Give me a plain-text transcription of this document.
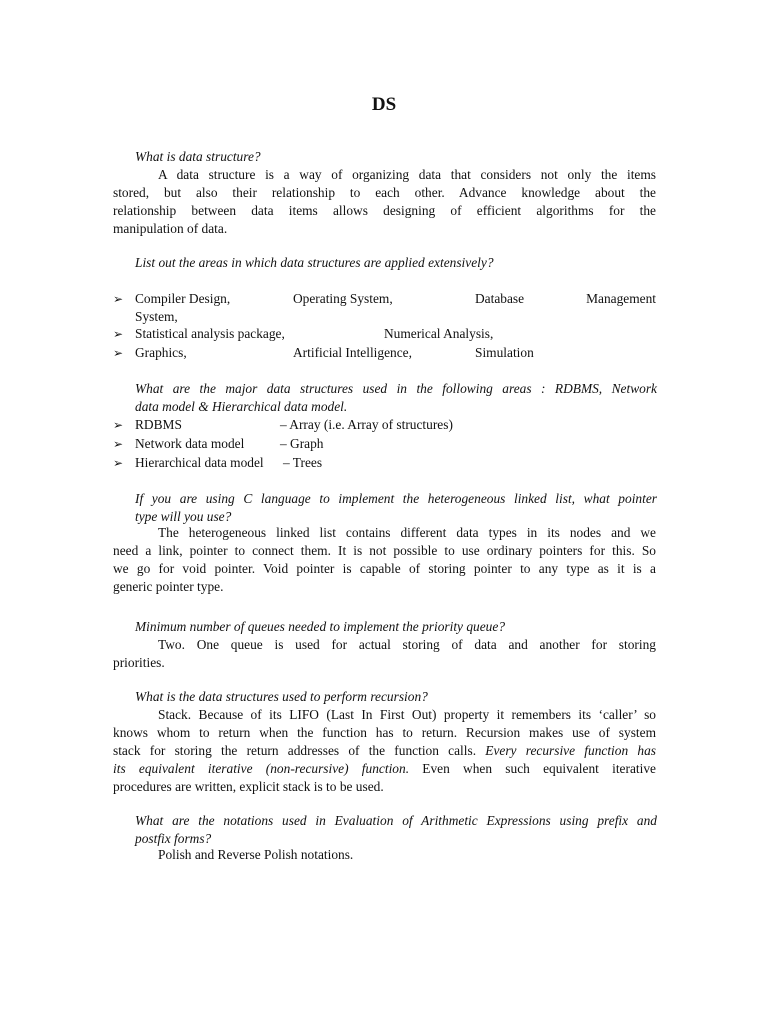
DS
What is data structure?
A data structure is a way of organizing data that considers not only the items
stored, but also their relationship to each other. Advance knowledge about the
relationship between data items allows designing of efficient algorithms for the
manipulation of data.
List out the areas in which data structures are applied extensively?
➢ Compiler Design,	Operating System,	Database	Management
System,
➢ Statistical analysis package,	Numerical Analysis,
➢ Graphics,	Artificial Intelligence,	Simulation
What are the major data structures used in the following areas : RDBMS, Network
data model & Hierarchical data model.
➢ RDBMS	– Array (i.e. Array of structures)
➢ Network data model	– Graph
➢ Hierarchical data model – Trees
If you are using C language to implement the heterogeneous linked list, what pointer
type will you use?
The heterogeneous linked list contains different data types in its nodes and we
need a link, pointer to connect them. It is not possible to use ordinary pointers for this. So
we go for void pointer. Void pointer is capable of storing pointer to any type as it is a
generic pointer type.
Minimum number of queues needed to implement the priority queue?
Two. One queue is used for actual storing of data and another for storing
priorities.
What is the data structures used to perform recursion?
Stack. Because of its LIFO (Last In First Out) property it remembers its ‘caller’ so
knows whom to return when the function has to return. Recursion makes use of system
stack for storing the return addresses of the function calls. Every recursive function has
its equivalent iterative (non-recursive) function. Even when such equivalent iterative
procedures are written, explicit stack is to be used.
What are the notations used in Evaluation of Arithmetic Expressions using prefix and
postfix forms?
Polish and Reverse Polish notations.
